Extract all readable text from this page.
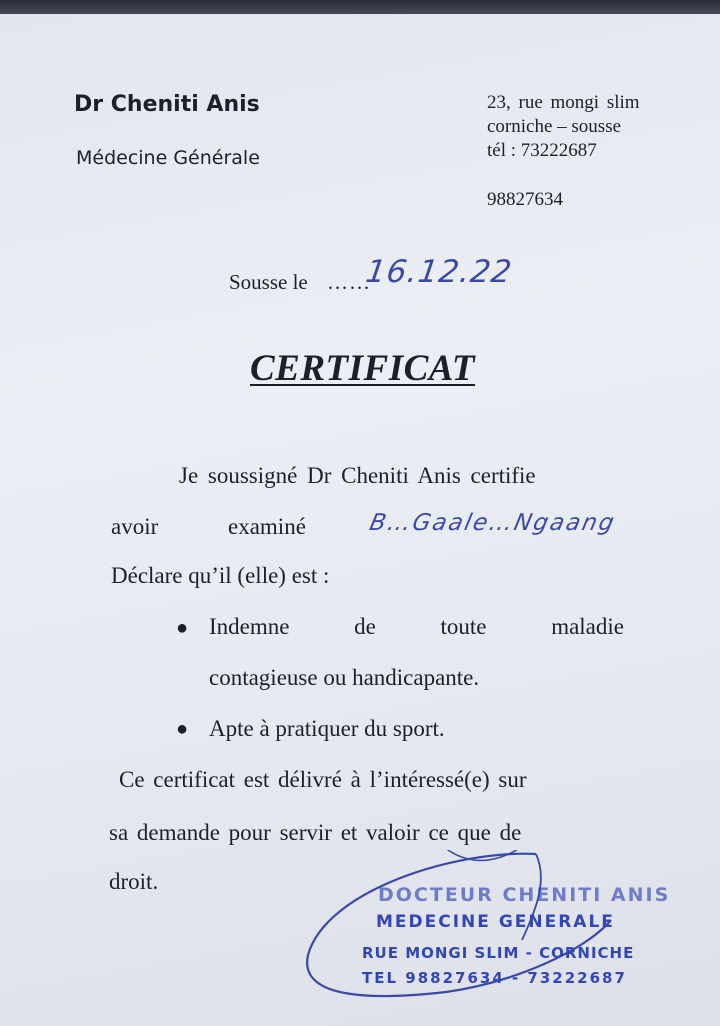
Dr Cheniti Anis
Médecine Générale
23, rue mongi slim
corniche – sousse
tél : 73222687
98827634
Sousse le ……
16.12.22
CERTIFICAT
Je soussigné Dr Cheniti Anis certifie
avoir	examiné	B…Gaale…Ngaang
Déclare qu’il (elle) est :
● Indemne de toute maladie
contagieuse ou handicapante.
● Apte à pratiquer du sport.
Ce certificat est délivré à l’intéressé(e) sur
sa demande pour servir et valoir ce que de
droit.
DOCTEUR CHENITI ANIS
MEDECINE GENERALE
RUE MONGI SLIM - CORNICHE
TEL 98827634 - 73222687
